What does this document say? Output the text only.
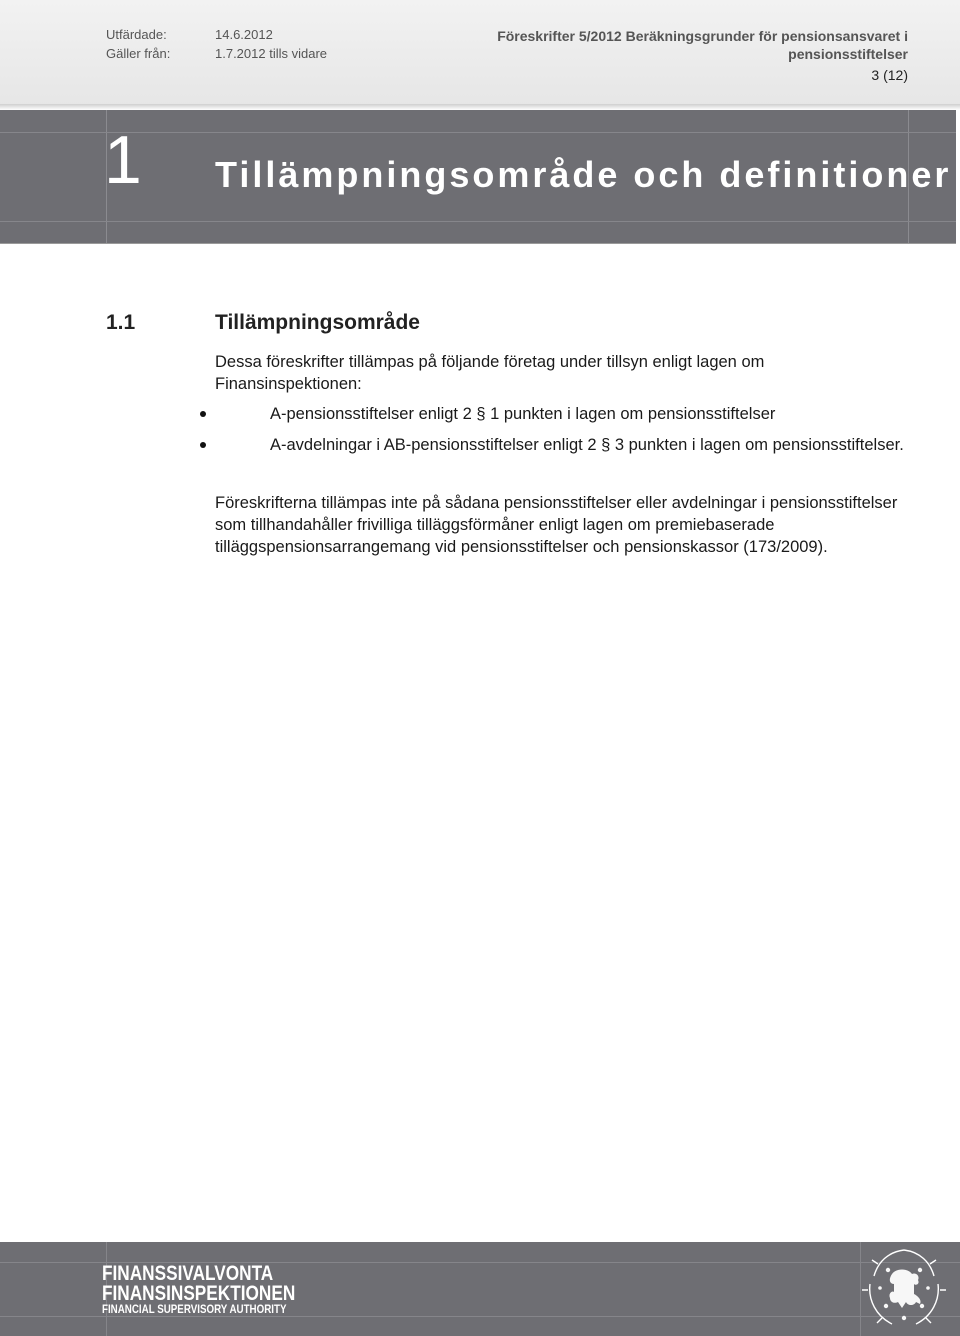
Utfärdade:	14.6.2012
Gäller från:	1.7.2012 tills vidare
Föreskrifter 5/2012 Beräkningsgrunder för pensionsansvaret i
pensionsstiftelser
3 (12)
1 Tillämpningsområde och definitioner
1.1	Tillämpningsområde
Dessa föreskrifter tillämpas på följande företag under tillsyn enligt lagen om Finansinspektionen:
A-pensionsstiftelser enligt 2 § 1 punkten i lagen om pensionsstiftelser
A-avdelningar i AB-pensionsstiftelser enligt 2 § 3 punkten i lagen om pensionsstiftelser.
Föreskrifterna tillämpas inte på sådana pensionsstiftelser eller avdelningar i pensionsstiftelser som tillhandahåller frivilliga tilläggsförmåner enligt lagen om premiebaserade tilläggspensionsarrangemang vid pensionsstiftelser och pensionskassor (173/2009).
FINANSSIVALVONTA
FINANSINSPEKTIONEN
FINANCIAL SUPERVISORY AUTHORITY
